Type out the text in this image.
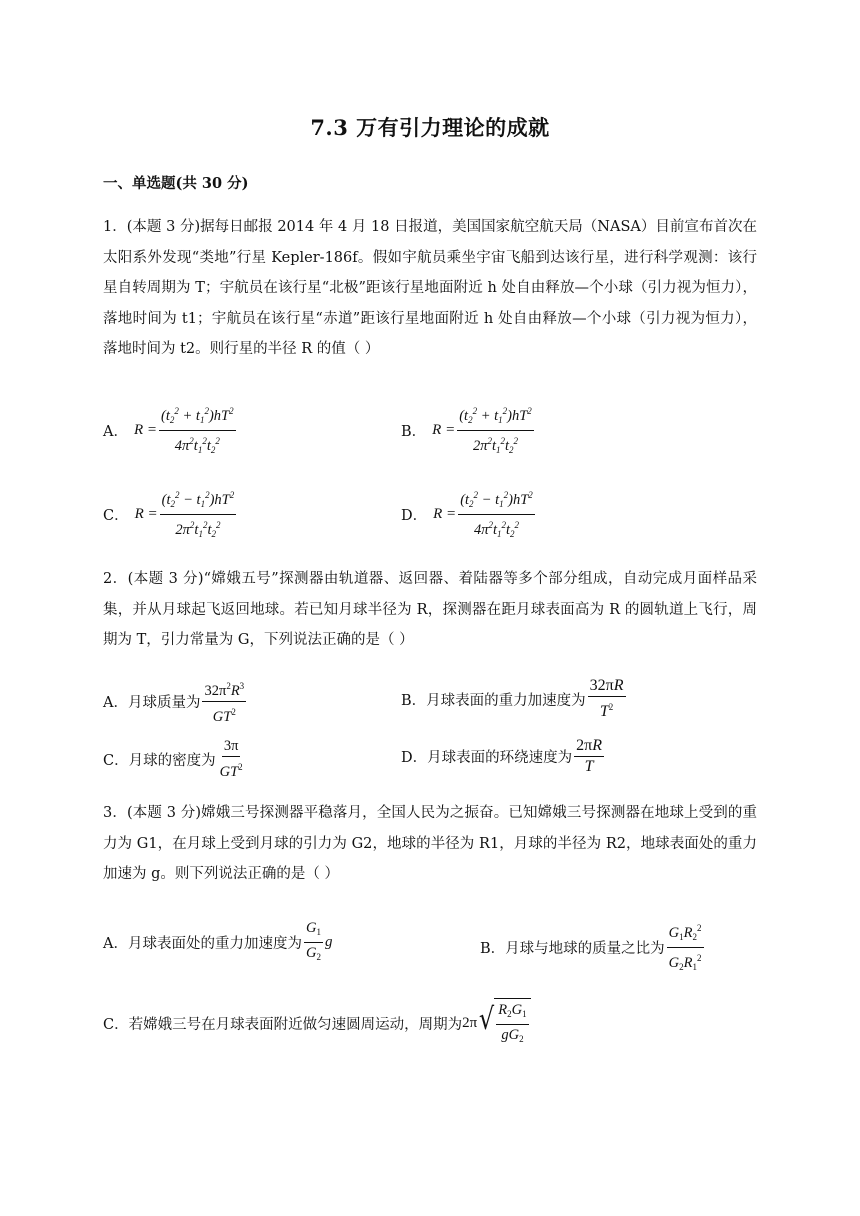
7.3 万有引力理论的成就
一、单选题(共 30 分)
1．(本题 3 分)据每日邮报 2014 年 4 月 18 日报道，美国国家航空航天局（NASA）目前宣布首次在太阳系外发现“类地”行星 Kepler-186f。假如宇航员乘坐宇宙飞船到达该行星，进行科学观测：该行星自转周期为 T；宇航员在该行星“北极”距该行星地面附近 h 处自由释放—个小球（引力视为恒力），落地时间为 t1；宇航员在该行星“赤道”距该行星地面附近 h 处自由释放—个小球（引力视为恒力），落地时间为 t2。则行星的半径 R 的值（ ）
A． $R = \frac{(t_2^2 + t_1^2)hT^2}{4\pi^2t_1^2t_2^2}$	B． $R = \frac{(t_2^2 + t_1^2)hT^2}{2\pi^2t_1^2t_2^2}$
C． $R = \frac{(t_2^2 - t_1^2)hT^2}{2\pi^2t_1^2t_2^2}$	D． $R = \frac{(t_2^2 - t_1^2)hT^2}{4\pi^2t_1^2t_2^2}$
2．(本题 3 分)“嫦娥五号”探测器由轨道器、返回器、着陆器等多个部分组成，自动完成月面样品采集，并从月球起飞返回地球。若已知月球半径为 R，探测器在距月球表面高为 R 的圆轨道上飞行，周期为 T，引力常量为 G，下列说法正确的是（ ）
A．月球质量为 $\frac{32\pi^2R^3}{GT^2}$	B．月球表面的重力加速度为 $\frac{32\pi R}{T^2}$
C．月球的密度为 $\frac{3\pi}{GT^2}$	D．月球表面的环绕速度为 $\frac{2\pi R}{T}$
3．(本题 3 分)嫦娥三号探测器平稳落月，全国人民为之振奋。已知嫦娥三号探测器在地球上受到的重力为 G1，在月球上受到月球的引力为 G2，地球的半径为 R1，月球的半径为 R2，地球表面处的重力加速为 g。则下列说法正确的是（ ）
A．月球表面处的重力加速度为 $\frac{G_1}{G_2}$ g	B．月球与地球的质量之比为 $\frac{G_1R_2^2}{G_2R_1^2}$
C．若嫦娥三号在月球表面附近做匀速圆周运动，周期为 2π √ $\frac{R_2G_1}{gG_2}$
